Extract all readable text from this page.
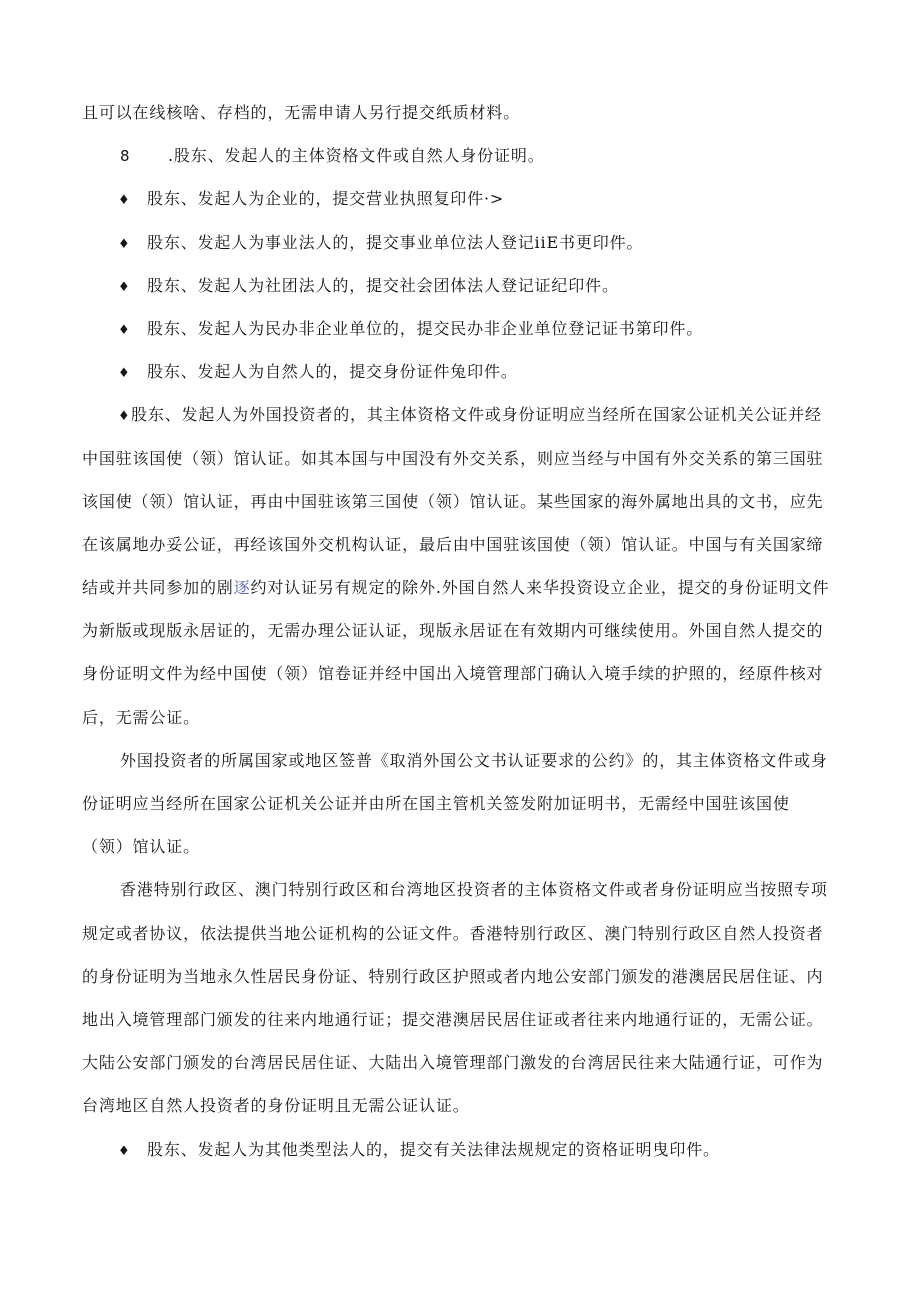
且可以在线核啥、存档的，无需申请人另行提交纸质材料。
8 .股东、发起人的主体资格文件或自然人身份证明。
♦ 股东、发起人为企业的，提交营业执照复印件·>
♦ 股东、发起人为事业法人的，提交事业单位法人登记iiE书更印件。
♦ 股东、发起人为社团法人的，提交社会团体法人登记证纪印件。
♦ 股东、发起人为民办非企业单位的，提交民办非企业单位登记证书第印件。
♦ 股东、发起人为自然人的，提交身份证件兔印件。
♦股东、发起人为外国投资者的，其主体资格文件或身份证明应当经所在国家公证机关公证并经
中国驻该国使（领）馆认证。如其本国与中国没有外交关系，则应当经与中国有外交关系的第三国驻
该国使（领）馆认证，再由中国驻该第三国使（领）馆认证。某些国家的海外属地出具的文书，应先
在该属地办妥公证，再经该国外交机构认证，最后由中国驻该国使（领）馆认证。中国与有关国家缔
结或并共同参加的剧逐约对认证另有规定的除外.外国自然人来华投资设立企业，提交的身份证明文件
为新版或现版永居证的，无需办理公证认证，现版永居证在有效期内可继续使用。外国自然人提交的
身份证明文件为经中国使（领）馆卷证并经中国出入境管理部门确认入境手续的护照的，经原件核对
后，无需公证。
外国投资者的所属国家或地区签普《取消外国公文书认证要求的公约》的，其主体资格文件或身
份证明应当经所在国家公证机关公证并由所在国主管机关签发附加证明书，无需经中国驻该国使
（领）馆认证。
香港特别行政区、澳门特别行政区和台湾地区投资者的主体资格文件或者身份证明应当按照专项
规定或者协议，依法提供当地公证机构的公证文件。香港特别行政区、澳门特别行政区自然人投资者
的身份证明为当地永久性居民身份证、特别行政区护照或者内地公安部门颁发的港澳居民居住证、内
地出入境管理部门颁发的往来内地通行证；提交港澳居民居住证或者往来内地通行证的，无需公证。
大陆公安部门颁发的台湾居民居住证、大陆出入境管理部门激发的台湾居民往来大陆通行证，可作为
台湾地区自然人投资者的身份证明且无需公证认证。
♦ 股东、发起人为其他类型法人的，提交有关法律法规规定的资格证明曳印件。
